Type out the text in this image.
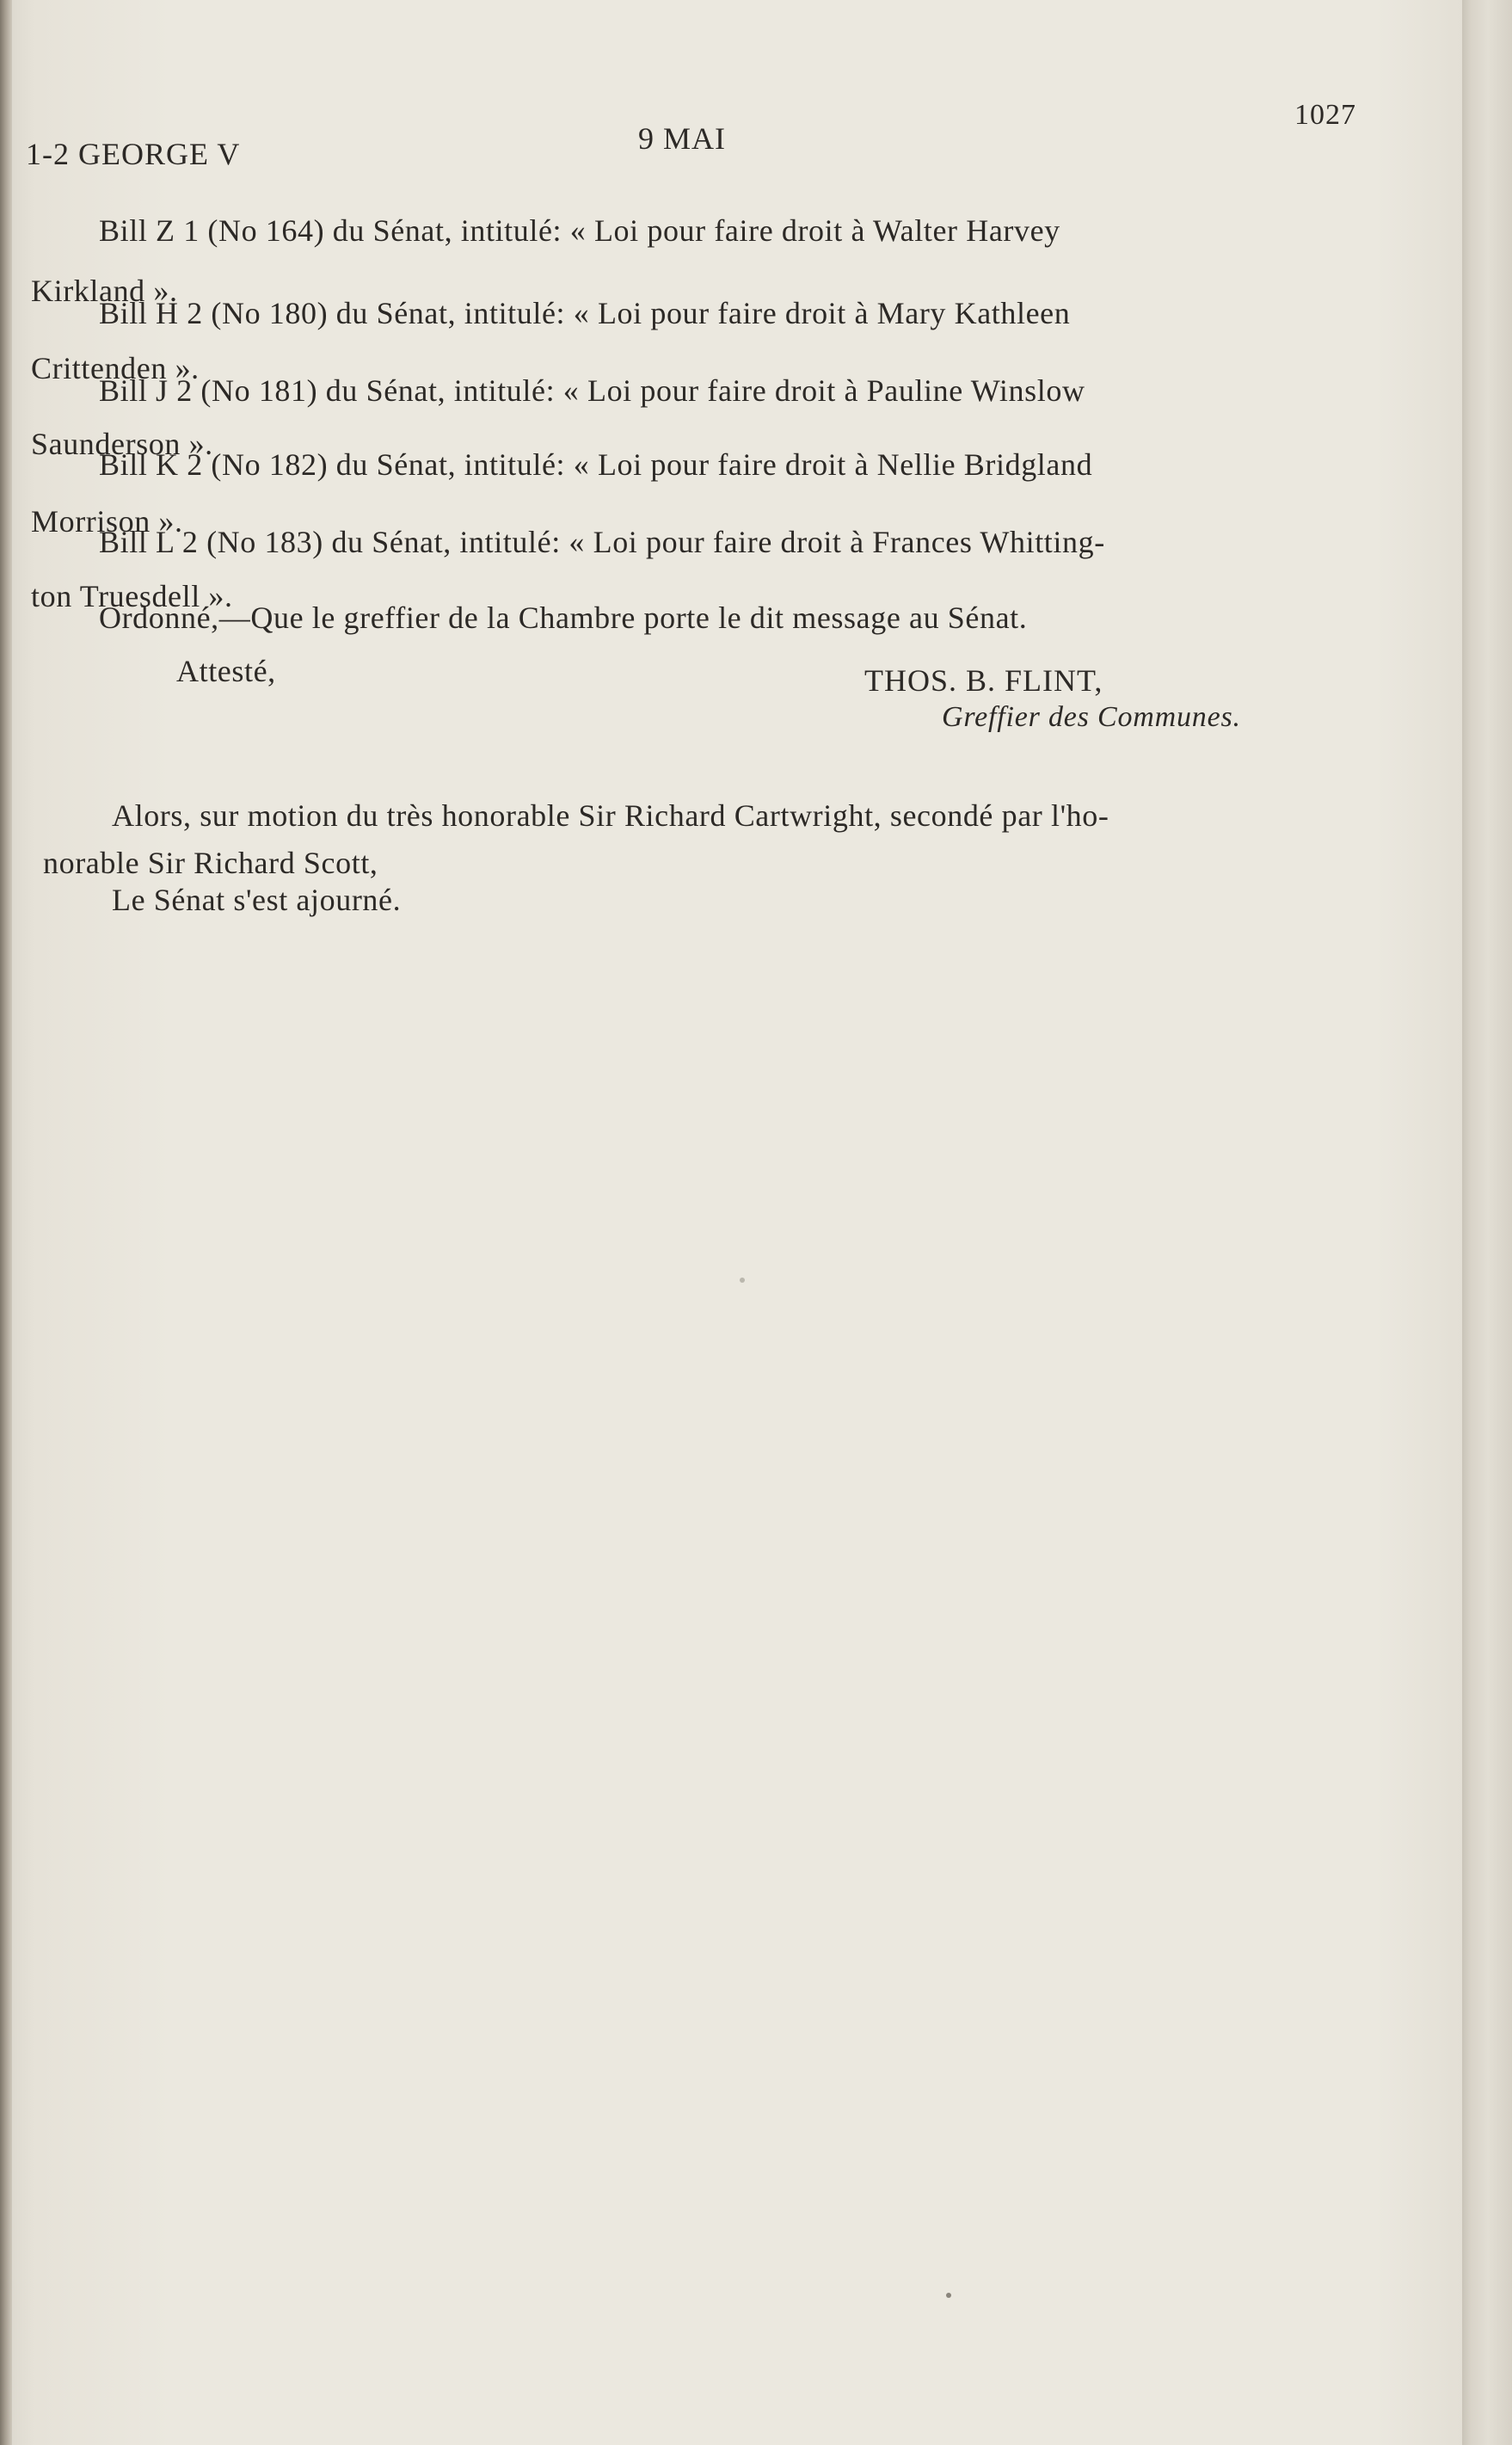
1-2 GEORGE V	9 MAI
1027
Bill Z 1 (No 164) du Sénat, intitulé: « Loi pour faire droit à Walter Harvey
Kirkland ».
Bill H 2 (No 180) du Sénat, intitulé: « Loi pour faire droit à Mary Kathleen
Crittenden ».
Bill J 2 (No 181) du Sénat, intitulé: « Loi pour faire droit à Pauline Winslow
Saunderson ».
Bill K 2 (No 182) du Sénat, intitulé: « Loi pour faire droit à Nellie Bridgland
Morrison ».
Bill L 2 (No 183) du Sénat, intitulé: « Loi pour faire droit à Frances Whitting-
ton Truesdell ».
Ordonné,—Que le greffier de la Chambre porte le dit message au Sénat.
Attesté,	THOS. B. FLINT,
Greffier des Communes.
Alors, sur motion du très honorable Sir Richard Cartwright, secondé par l'ho-
norable Sir Richard Scott,
Le Sénat s'est ajourné.
